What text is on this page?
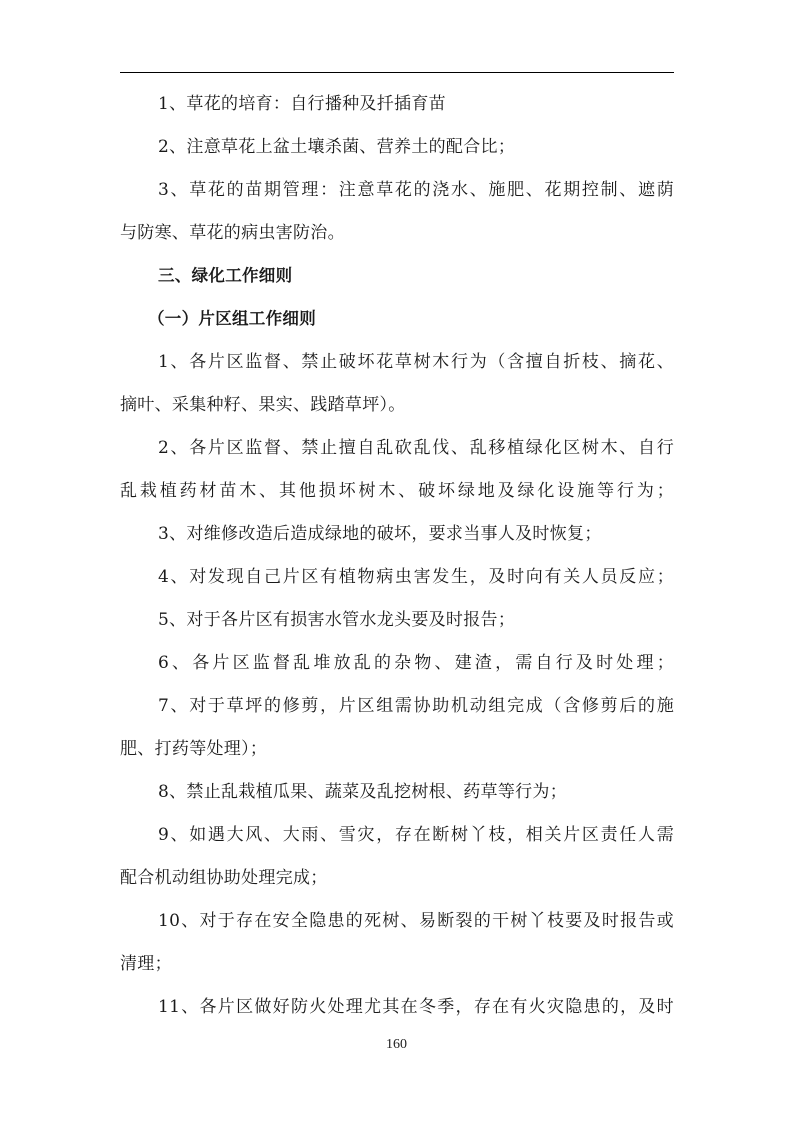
1、草花的培育：自行播种及扦插育苗
2、注意草花上盆土壤杀菌、营养土的配合比；
3、草花的苗期管理：注意草花的浇水、施肥、花期控制、遮荫
与防寒、草花的病虫害防治。
三、绿化工作细则
（一）片区组工作细则
1、各片区监督、禁止破坏花草树木行为（含擅自折枝、摘花、
摘叶、采集种籽、果实、践踏草坪）。
2、各片区监督、禁止擅自乱砍乱伐、乱移植绿化区树木、自行
乱栽植药材苗木、其他损坏树木、破坏绿地及绿化设施等行为；
3、对维修改造后造成绿地的破坏，要求当事人及时恢复；
4、对发现自己片区有植物病虫害发生，及时向有关人员反应；
5、对于各片区有损害水管水龙头要及时报告；
6、各片区监督乱堆放乱的杂物、建渣，需自行及时处理；
7、对于草坪的修剪，片区组需协助机动组完成（含修剪后的施
肥、打药等处理）；
8、禁止乱栽植瓜果、蔬菜及乱挖树根、药草等行为；
9、如遇大风、大雨、雪灾，存在断树丫枝，相关片区责任人需
配合机动组协助处理完成；
10、对于存在安全隐患的死树、易断裂的干树丫枝要及时报告或
清理；
11、各片区做好防火处理尤其在冬季，存在有火灾隐患的，及时
160
